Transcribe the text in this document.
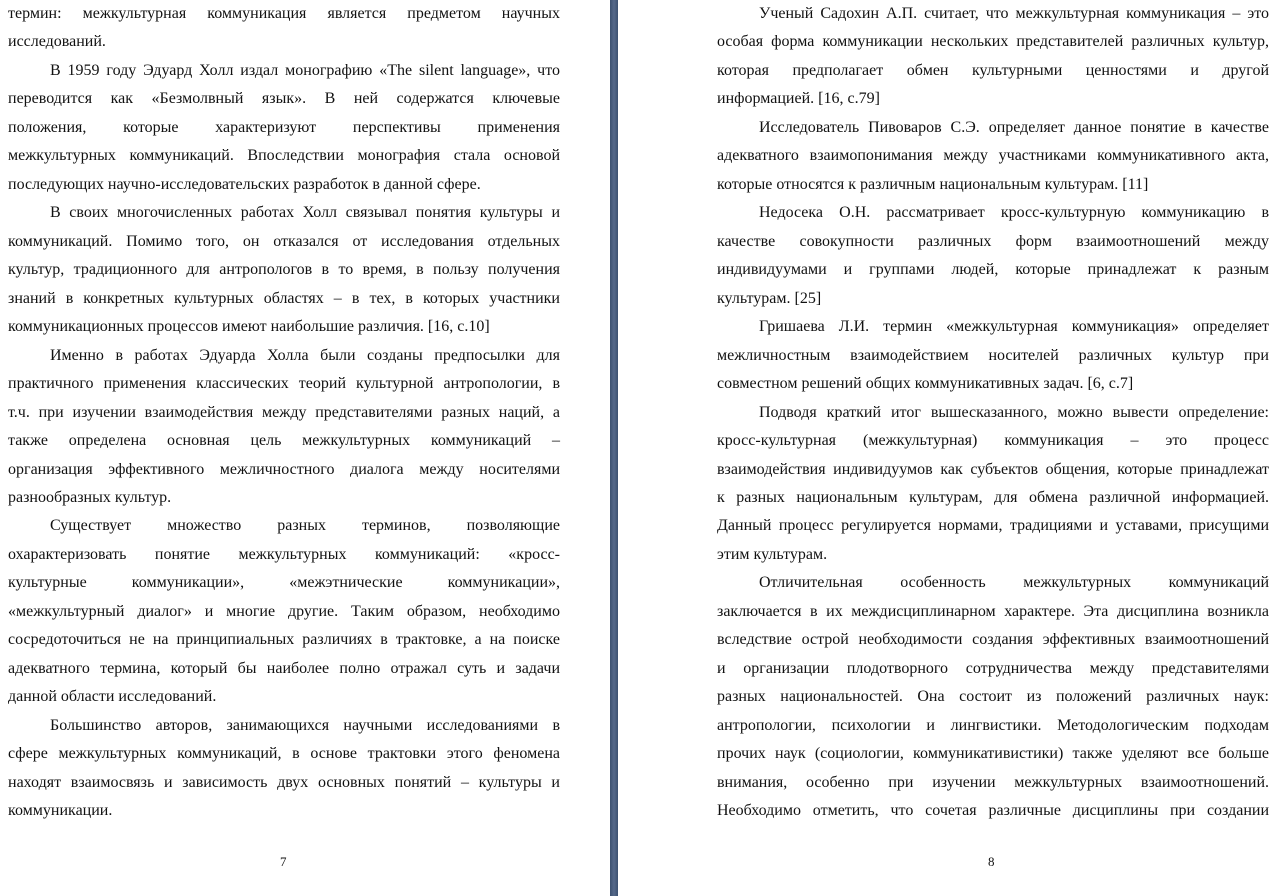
термин: межкультурная коммуникация является предметом научных
исследований.
В 1959 году Эдуард Холл издал монографию «The silent language», что
переводится как «Безмолвный язык». В ней содержатся ключевые
положения, которые характеризуют перспективы применения
межкультурных коммуникаций. Впоследствии монография стала основой
последующих научно-исследовательских разработок в данной сфере.
В своих многочисленных работах Холл связывал понятия культуры и
коммуникаций. Помимо того, он отказался от исследования отдельных
культур, традиционного для антропологов в то время, в пользу получения
знаний в конкретных культурных областях – в тех, в которых участники
коммуникационных процессов имеют наибольшие различия. [16, с.10]
Именно в работах Эдуарда Холла были созданы предпосылки для
практичного применения классических теорий культурной антропологии, в
т.ч. при изучении взаимодействия между представителями разных наций, а
также определена основная цель межкультурных коммуникаций –
организация эффективного межличностного диалога между носителями
разнообразных культур.
Существует множество разных терминов, позволяющие
охарактеризовать понятие межкультурных коммуникаций: «кросс-
культурные коммуникации», «межэтнические коммуникации»,
«межкультурный диалог» и многие другие. Таким образом, необходимо
сосредоточиться не на принципиальных различиях в трактовке, а на поиске
адекватного термина, который бы наиболее полно отражал суть и задачи
данной области исследований.
Большинство авторов, занимающихся научными исследованиями в
сфере межкультурных коммуникаций, в основе трактовки этого феномена
находят взаимосвязь и зависимость двух основных понятий – культуры и
коммуникации.
7
Ученый Садохин А.П. считает, что межкультурная коммуникация – это
особая форма коммуникации нескольких представителей различных культур,
которая предполагает обмен культурными ценностями и другой
информацией. [16, с.79]
Исследователь Пивоваров С.Э. определяет данное понятие в качестве
адекватного взаимопонимания между участниками коммуникативного акта,
которые относятся к различным национальным культурам. [11]
Недосека О.Н. рассматривает кросс-культурную коммуникацию в
качестве совокупности различных форм взаимоотношений между
индивидуумами и группами людей, которые принадлежат к разным
культурам. [25]
Гришаева Л.И. термин «межкультурная коммуникация» определяет
межличностным взаимодействием носителей различных культур при
совместном решений общих коммуникативных задач. [6, с.7]
Подводя краткий итог вышесказанного, можно вывести определение:
кросс-культурная (межкультурная) коммуникация – это процесс
взаимодействия индивидуумов как субъектов общения, которые принадлежат
к разных национальным культурам, для обмена различной информацией.
Данный процесс регулируется нормами, традициями и уставами, присущими
этим культурам.
Отличительная особенность межкультурных коммуникаций
заключается в их междисциплинарном характере. Эта дисциплина возникла
вследствие острой необходимости создания эффективных взаимоотношений
и организации плодотворного сотрудничества между представителями
разных национальностей. Она состоит из положений различных наук:
антропологии, психологии и лингвистики. Методологическим подходам
прочих наук (социологии, коммуникативистики) также уделяют все больше
внимания, особенно при изучении межкультурных взаимоотношений.
Необходимо отметить, что сочетая различные дисциплины при создании
8
